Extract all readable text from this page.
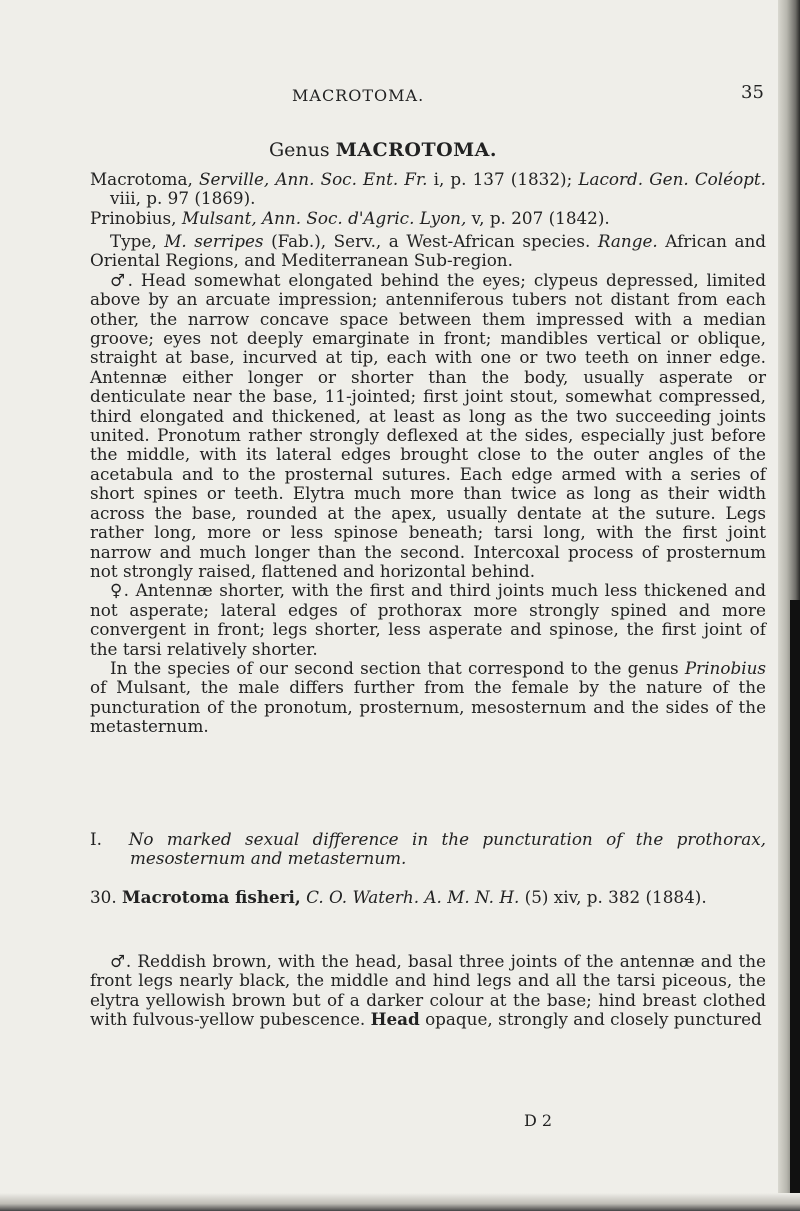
MACROTOMA.	35
Genus MACROTOMA.

Macrotoma, Serville, Ann. Soc. Ent. Fr. i, p. 137 (1832); Lacord. Gen. Coléopt. viii, p. 97 (1869).

Prinobius, Mulsant, Ann. Soc. d'Agric. Lyon, v, p. 207 (1842).

Type, M. serripes (Fab.), Serv., a West-African species. Range. African and Oriental Regions, and Mediterranean Sub-region.

♂. Head somewhat elongated behind the eyes; clypeus depressed, limited above by an arcuate impression; antenniferous tubers not distant from each other, the narrow concave space between them impressed with a median groove; eyes not deeply emarginate in front; mandibles vertical or oblique, straight at base, incurved at tip, each with one or two teeth on inner edge. Antennæ either longer or shorter than the body, usually asperate or denticulate near the base, 11-jointed; first joint stout, somewhat compressed, third elongated and thickened, at least as long as the two succeeding joints united. Pronotum rather strongly deflexed at the sides, especially just before the middle, with its lateral edges brought close to the outer angles of the acetabula and to the prosternal sutures. Each edge armed with a series of short spines or teeth. Elytra much more than twice as long as their width across the base, rounded at the apex, usually dentate at the suture. Legs rather long, more or less spinose beneath; tarsi long, with the first joint narrow and much longer than the second. Intercoxal process of prosternum not strongly raised, flattened and horizontal behind.

♀. Antennæ shorter, with the first and third joints much less thickened and not asperate; lateral edges of prothorax more strongly spined and more convergent in front; legs shorter, less asperate and spinose, the first joint of the tarsi relatively shorter.

In the species of our second section that correspond to the genus Prinobius of Mulsant, the male differs further from the female by the nature of the puncturation of the pronotum, prosternum, mesosternum and the sides of the metasternum.

I. No marked sexual difference in the puncturation of the prothorax, mesosternum and metasternum.

30. Macrotoma fisheri, C. O. Waterh. A. M. N. H. (5) xiv, p. 382 (1884).

♂. Reddish brown, with the head, basal three joints of the antennæ and the front legs nearly black, the middle and hind legs and all the tarsi piceous, the elytra yellowish brown but of a darker colour at the base; hind breast clothed with fulvous-yellow pubescence. Head opaque, strongly and closely punctured

D 2
